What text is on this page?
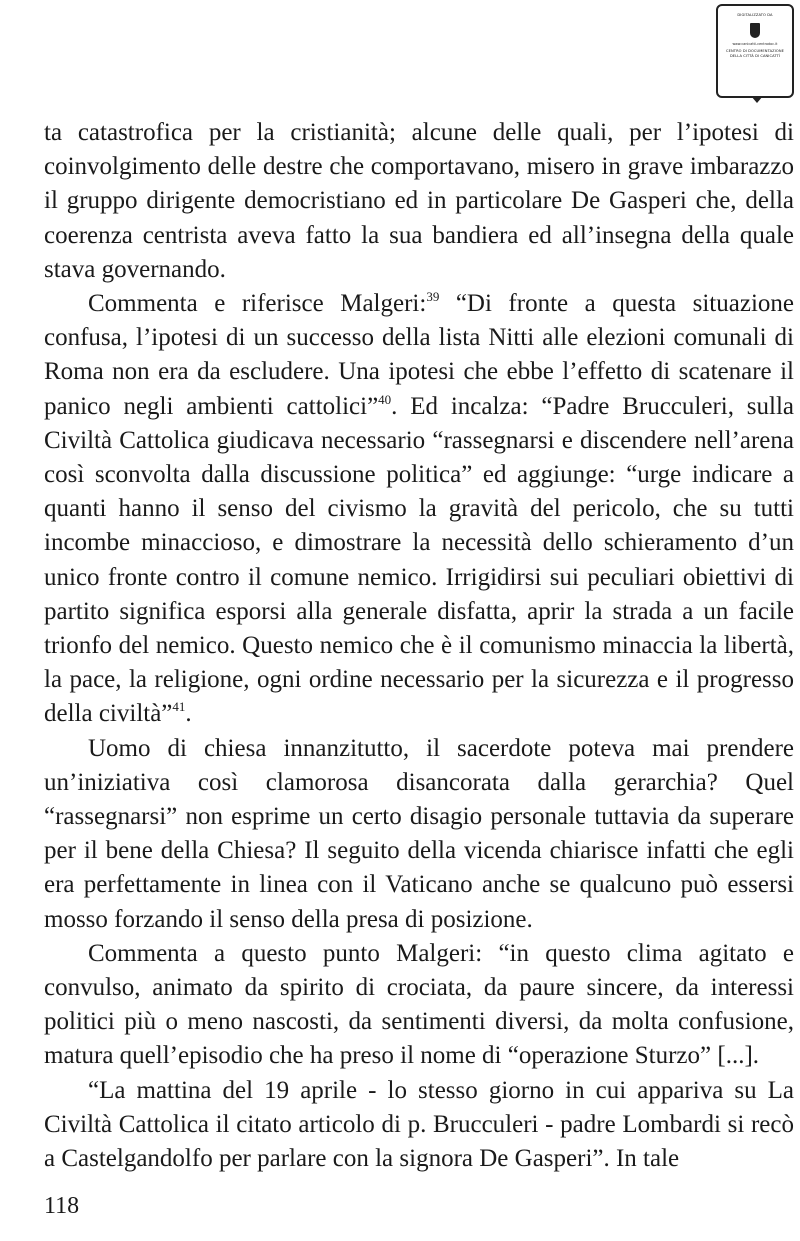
DIGITALIZZATO DA
www.canicatti-centrodoc.it
CENTRO DI DOCUMENTAZIONE
DELLA CITTÀ DI CANICATTÌ

ta catastrofica per la cristianità; alcune delle quali, per l’ipotesi di coinvolgimento delle destre che comportavano, misero in grave imbarazzo il gruppo dirigente democristiano ed in particolare De Gasperi che, della coerenza centrista aveva fatto la sua bandiera ed all’insegna della quale stava governando.

Commenta e riferisce Malgeri:$^{39}$ “Di fronte a questa situazione confusa, l’ipotesi di un successo della lista Nitti alle elezioni comunali di Roma non era da escludere. Una ipotesi che ebbe l’effetto di scatenare il panico negli ambienti cattolici”$^{40}$. Ed incalza: “Padre Brucculeri, sulla Civiltà Cattolica giudicava necessario “rassegnarsi e discendere nell’arena così sconvolta dalla discussione politica” ed aggiunge: “urge indicare a quanti hanno il senso del civismo la gravità del pericolo, che su tutti incombe minaccioso, e dimostrare la necessità dello schieramento d’un unico fronte contro il comune nemico. Irrigidirsi sui peculiari obiettivi di partito significa esporsi alla generale disfatta, aprir la strada a un facile trionfo del nemico. Questo nemico che è il comunismo minaccia la libertà, la pace, la religione, ogni ordine necessario per la sicurezza e il progresso della civiltà”$^{41}$.

Uomo di chiesa innanzitutto, il sacerdote poteva mai prendere un’iniziativa così clamorosa disancorata dalla gerarchia? Quel “rassegnarsi” non esprime un certo disagio personale tuttavia da superare per il bene della Chiesa? Il seguito della vicenda chiarisce infatti che egli era perfettamente in linea con il Vaticano anche se qualcuno può essersi mosso forzando il senso della presa di posizione.

Commenta a questo punto Malgeri: “in questo clima agitato e convulso, animato da spirito di crociata, da paure sincere, da interessi politici più o meno nascosti, da sentimenti diversi, da molta confusione, matura quell’episodio che ha preso il nome di “operazione Sturzo” [...].

“La mattina del 19 aprile - lo stesso giorno in cui appariva su La Civiltà Cattolica il citato articolo di p. Brucculeri - padre Lombardi si recò a Castelgandolfo per parlare con la signora De Gasperi”. In tale

118
